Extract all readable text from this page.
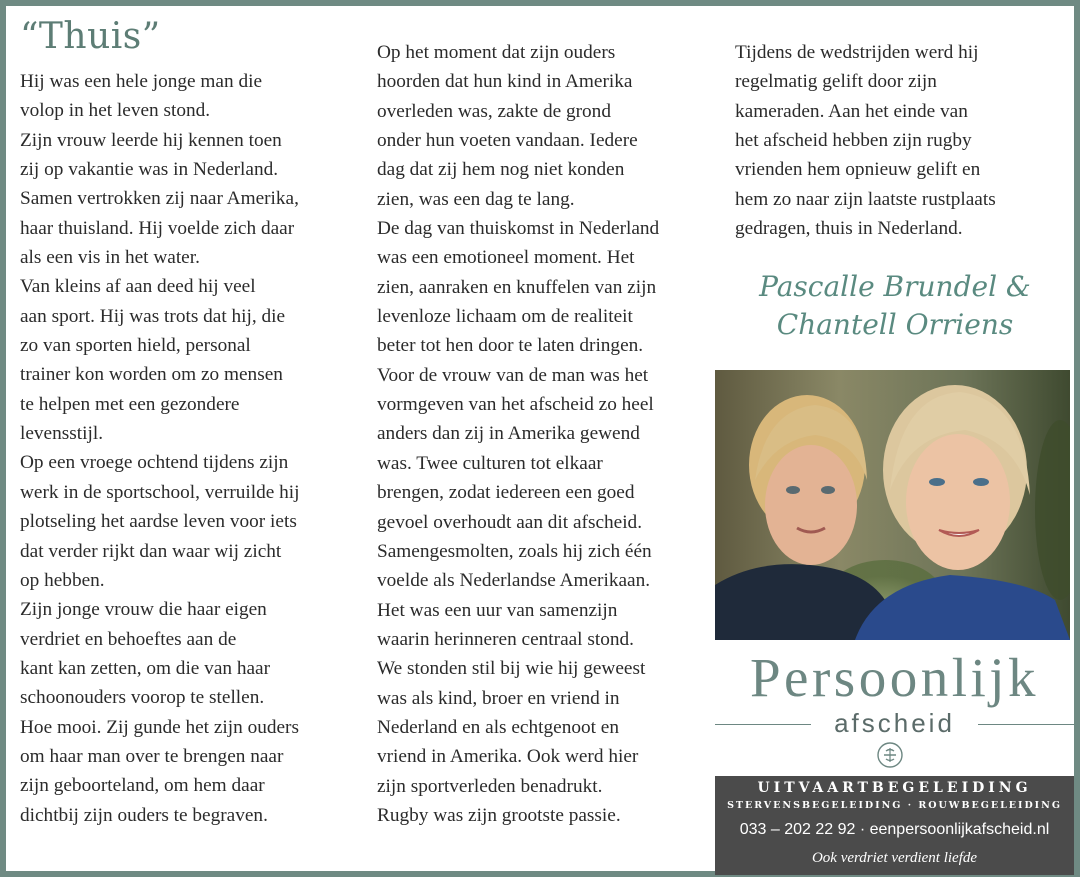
“Thuis”

Hij was een hele jonge man die

volop in het leven stond.

Zijn vrouw leerde hij kennen toen

zij op vakantie was in Nederland.

Samen vertrokken zij naar Amerika,

haar thuisland. Hij voelde zich daar

als een vis in het water.

Van kleins af aan deed hij veel

aan sport. Hij was trots dat hij, die

zo van sporten hield, personal

trainer kon worden om zo mensen

te helpen met een gezondere

levensstijl.

Op een vroege ochtend tijdens zijn

werk in de sportschool, verruilde hij

plotseling het aardse leven voor iets

dat verder rijkt dan waar wij zicht

op hebben.

Zijn jonge vrouw die haar eigen

verdriet en behoeftes aan de

kant kan zetten, om die van haar

schoonouders voorop te stellen.

Hoe mooi. Zij gunde het zijn ouders

om haar man over te brengen naar

zijn geboorteland, om hem daar

dichtbij zijn ouders te begraven.

Op het moment dat zijn ouders

hoorden dat hun kind in Amerika

overleden was, zakte de grond

onder hun voeten vandaan. Iedere

dag dat zij hem nog niet konden

zien, was een dag te lang.

De dag van thuiskomst in Nederland

was een emotioneel moment. Het

zien, aanraken en knuffelen van zijn

levenloze lichaam om de realiteit

beter tot hen door te laten dringen.

Voor de vrouw van de man was het

vormgeven van het afscheid zo heel

anders dan zij in Amerika gewend

was. Twee culturen tot elkaar

brengen, zodat iedereen een goed

gevoel overhoudt aan dit afscheid.

Samengesmolten, zoals hij zich één

voelde als Nederlandse Amerikaan.

Het was een uur van samenzijn

waarin herinneren centraal stond.

We stonden stil bij wie hij geweest

was als kind, broer en vriend in

Nederland en als echtgenoot en

vriend in Amerika. Ook werd hier

zijn sportverleden benadrukt.

Rugby was zijn grootste passie.

Tijdens de wedstrijden werd hij

regelmatig gelift door zijn

kameraden. Aan het einde van

het afscheid hebben zijn rugby

vrienden hem opnieuw gelift en

hem zo naar zijn laatste rustplaats

gedragen, thuis in Nederland.

Pascalle Brundel &
Chantell Orriens
Persoonlijk
afscheid
UITVAARTBEGELEIDING
STERVENSBEGELEIDING · ROUWBEGELEIDING
033 – 202 22 92 · eenpersoonlijkafscheid.nl
Ook verdriet verdient liefde
